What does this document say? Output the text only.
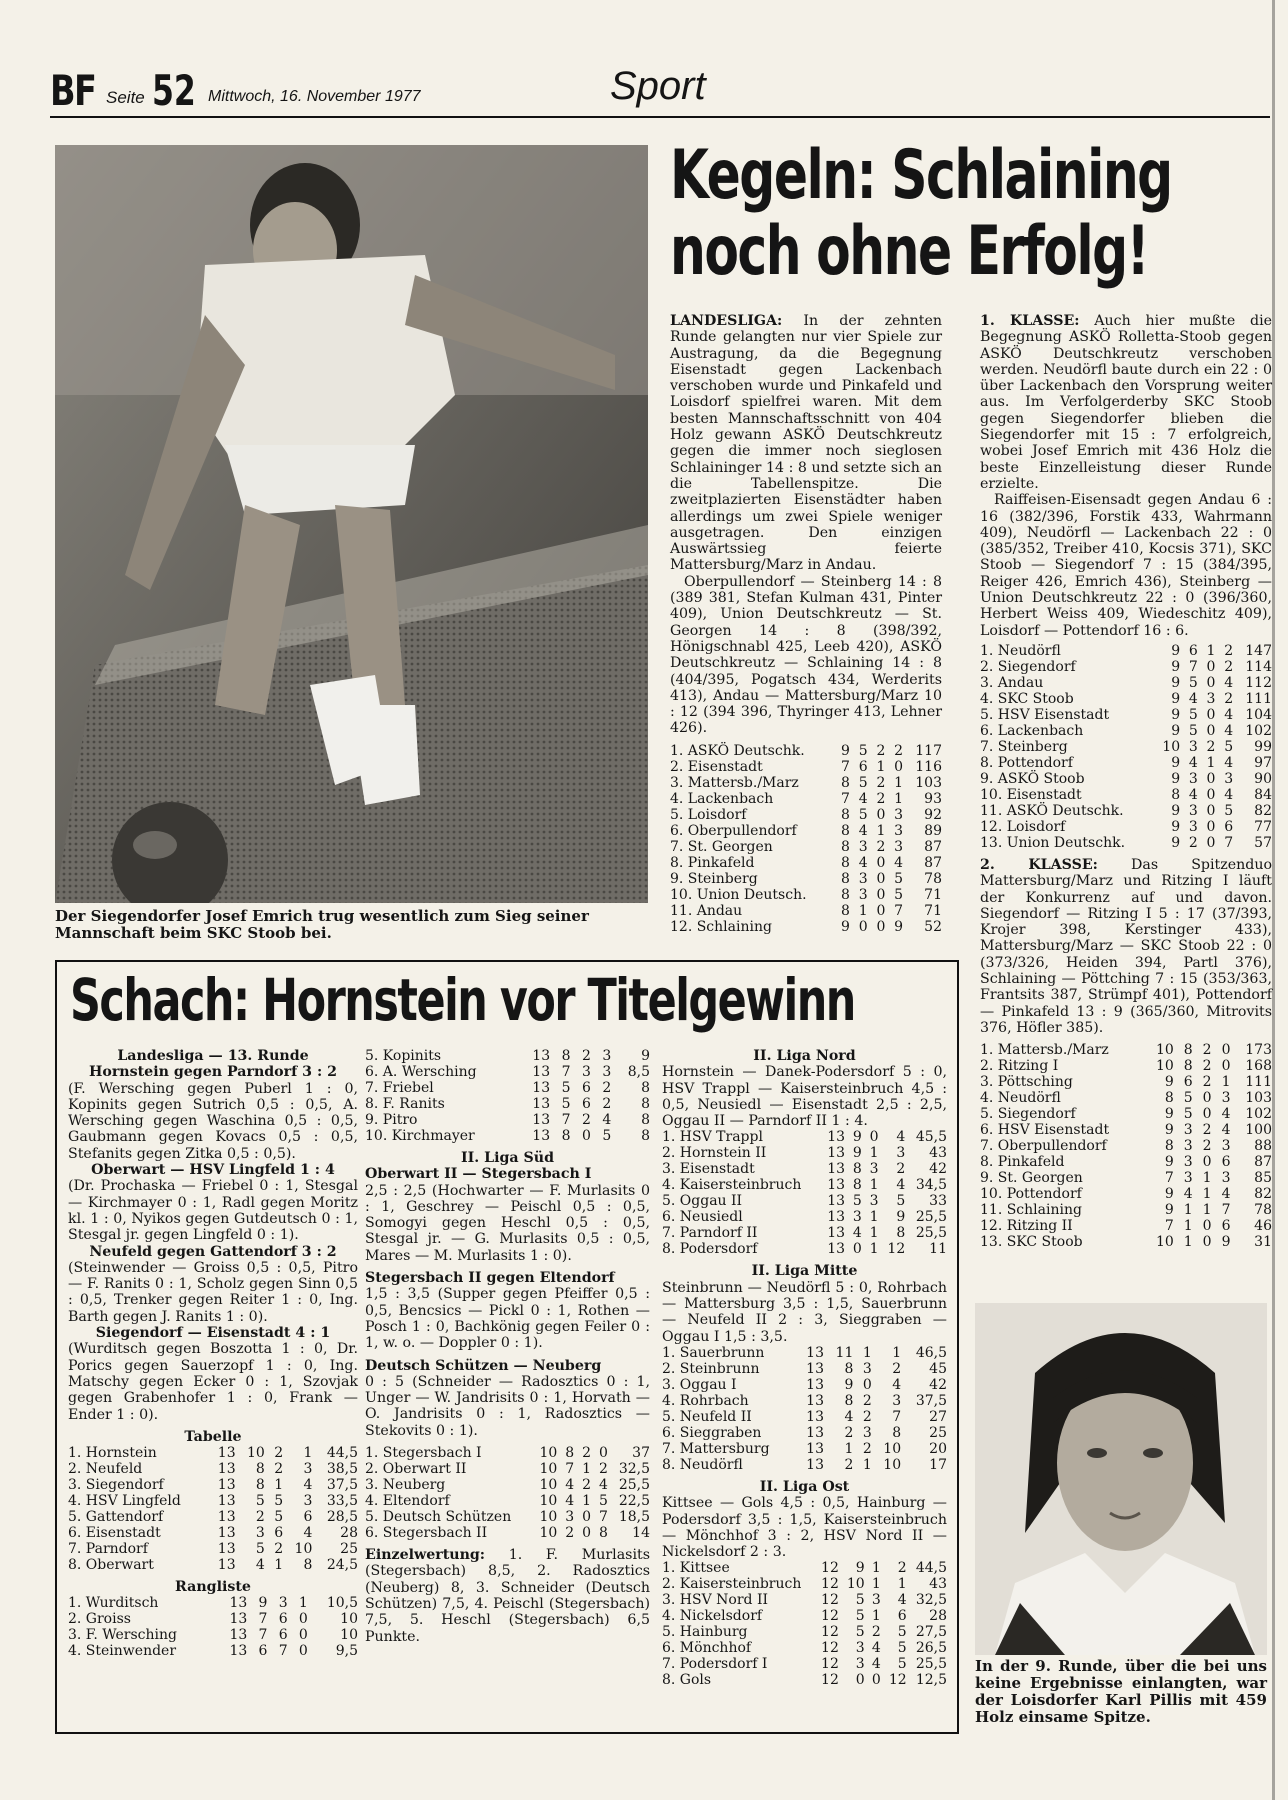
BF Seite 52 Mittwoch, 16. November 1977	Sport
Der Siegendorfer Josef Emrich trug wesentlich zum Sieg seiner Mannschaft beim SKC Stoob bei.
Kegeln: Schlaining
noch ohne Erfolg!

LANDESLIGA: In der zehnten Runde gelangten nur vier Spiele zur Austragung, da die Begegnung Eisenstadt gegen Lackenbach verschoben wurde und Pinkafeld und Loisdorf spielfrei waren. Mit dem besten Mannschaftsschnitt von 404 Holz gewann ASKÖ Deutschkreutz gegen die immer noch sieglosen Schlaininger 14 : 8 und setzte sich an die Tabellenspitze. Die zweitplazierten Eisenstädter haben allerdings um zwei Spiele weniger ausgetragen. Den einzigen Auswärtssieg feierte Mattersburg/Marz in Andau.

Oberpullendorf — Steinberg 14 : 8 (389 381, Stefan Kulman 431, Pinter 409), Union Deutschkreutz — St. Georgen 14 : 8 (398/392, Hönigschnabl 425, Leeb 420), ASKÖ Deutschkreutz — Schlaining 14 : 8 (404/395, Pogatsch 434, Werderits 413), Andau — Mattersburg/Marz 10 : 12 (394 396, Thyringer 413, Lehner 426).

1. ASKÖ Deutschk.	9	5	2	2	117
2. Eisenstadt	7	6	1	0	116
3. Mattersb./Marz	8	5	2	1	103
4. Lackenbach	7	4	2	1	93
5. Loisdorf	8	5	0	3	92
6. Oberpullendorf	8	4	1	3	89
7. St. Georgen	8	3	2	3	87
8. Pinkafeld	8	4	0	4	87
9. Steinberg	8	3	0	5	78
10. Union Deutsch.	8	3	0	5	71
11. Andau	8	1	0	7	71
12. Schlaining	9	0	0	9	52

1. KLASSE: Auch hier mußte die Begegnung ASKÖ Rolletta-Stoob gegen ASKÖ Deutschkreutz verschoben werden. Neudörfl baute durch ein 22 : 0 über Lackenbach den Vorsprung weiter aus. Im Verfolgerderby SKC Stoob gegen Siegendorfer blieben die Siegendorfer mit 15 : 7 erfolgreich, wobei Josef Emrich mit 436 Holz die beste Einzelleistung dieser Runde erzielte.

Raiffeisen-Eisensadt gegen Andau 6 : 16 (382/396, Forstik 433, Wahrmann 409), Neudörfl — Lackenbach 22 : 0 (385/352, Treiber 410, Kocsis 371), SKC Stoob — Siegendorf 7 : 15 (384/395, Reiger 426, Emrich 436), Steinberg — Union Deutschkreutz 22 : 0 (396/360, Herbert Weiss 409, Wiedeschitz 409), Loisdorf — Pottendorf 16 : 6.

1. Neudörfl	9	6	1	2	147
2. Siegendorf	9	7	0	2	114
3. Andau	9	5	0	4	112
4. SKC Stoob	9	4	3	2	111
5. HSV Eisenstadt	9	5	0	4	104
6. Lackenbach	9	5	0	4	102
7. Steinberg	10	3	2	5	99
8. Pottendorf	9	4	1	4	97
9. ASKÖ Stoob	9	3	0	3	90
10. Eisenstadt	8	4	0	4	84
11. ASKÖ Deutschk.	9	3	0	5	82
12. Loisdorf	9	3	0	6	77
13. Union Deutschk.	9	2	0	7	57

2. KLASSE: Das Spitzenduo Mattersburg/Marz und Ritzing I läuft der Konkurrenz auf und davon. Siegendorf — Ritzing I 5 : 17 (37/393, Krojer 398, Kerstinger 433), Mattersburg/Marz — SKC Stoob 22 : 0 (373/326, Heiden 394, Partl 376), Schlaining — Pöttching 7 : 15 (353/363, Frantsits 387, Strümpf 401), Pottendorf — Pinkafeld 13 : 9 (365/360, Mitrovits 376, Höfler 385).

1. Mattersb./Marz	10	8	2	0	173
2. Ritzing I	10	8	2	0	168
3. Pöttsching	9	6	2	1	111
4. Neudörfl	8	5	0	3	103
5. Siegendorf	9	5	0	4	102
6. HSV Eisenstadt	9	3	2	4	100
7. Oberpullendorf	8	3	2	3	88
8. Pinkafeld	9	3	0	6	87
9. St. Georgen	7	3	1	3	85
10. Pottendorf	9	4	1	4	82
11. Schlaining	9	1	1	7	78
12. Ritzing II	7	1	0	6	46
13. SKC Stoob	10	1	0	9	31
In der 9. Runde, über die bei uns keine Ergebnisse einlangten, war der Loisdorfer Karl Pillis mit 459 Holz einsame Spitze.
Schach: Hornstein vor Titelgewinn

Landesliga — 13. Runde

Hornstein gegen Parndorf 3 : 2

(F. Wersching gegen Puberl 1 : 0, Kopinits gegen Sutrich 0,5 : 0,5, A. Wersching gegen Waschina 0,5 : 0,5, Gaubmann gegen Kovacs 0,5 : 0,5, Stefanits gegen Zitka 0,5 : 0,5).

Oberwart — HSV Lingfeld 1 : 4

(Dr. Prochaska — Friebel 0 : 1, Stesgal — Kirchmayer 0 : 1, Radl gegen Moritz kl. 1 : 0, Nyikos gegen Gutdeutsch 0 : 1, Stesgal jr. gegen Lingfeld 0 : 1).

Neufeld gegen Gattendorf 3 : 2

(Steinwender — Groiss 0,5 : 0,5, Pitro — F. Ranits 0 : 1, Scholz gegen Sinn 0,5 : 0,5, Trenker gegen Reiter 1 : 0, Ing. Barth gegen J. Ranits 1 : 0).

Siegendorf — Eisenstadt 4 : 1

(Wurditsch gegen Boszotta 1 : 0, Dr. Porics gegen Sauerzopf 1 : 0, Ing. Matschy gegen Ecker 0 : 1, Szovjak gegen Grabenhofer 1 : 0, Frank — Ender 1 : 0).

Tabelle

1. Hornstein	13	10	2	1	44,5
2. Neufeld	13	8	2	3	38,5
3. Siegendorf	13	8	1	4	37,5
4. HSV Lingfeld	13	5	5	3	33,5
5. Gattendorf	13	2	5	6	28,5
6. Eisenstadt	13	3	6	4	28
7. Parndorf	13	5	2	10	25
8. Oberwart	13	4	1	8	24,5

Rangliste

1. Wurditsch	13	9	3	1	10,5
2. Groiss	13	7	6	0	10
3. F. Wersching	13	7	6	0	10
4. Steinwender	13	6	7	0	9,5
5. Kopinits	13	8	2	3	9
6. A. Wersching	13	7	3	3	8,5
7. Friebel	13	5	6	2	8
8. F. Ranits	13	5	6	2	8
9. Pitro	13	7	2	4	8
10. Kirchmayer	13	8	0	5	8

II. Liga Süd

Oberwart II — Stegersbach I

2,5 : 2,5 (Hochwarter — F. Murlasits 0 : 1, Geschrey — Peischl 0,5 : 0,5, Somogyi gegen Heschl 0,5 : 0,5, Stesgal jr. — G. Murlasits 0,5 : 0,5, Mares — M. Murlasits 1 : 0).

Stegersbach II gegen Eltendorf

1,5 : 3,5 (Supper gegen Pfeiffer 0,5 : 0,5, Bencsics — Pickl 0 : 1, Rothen — Posch 1 : 0, Bachkönig gegen Feiler 0 : 1, w. o. — Doppler 0 : 1).

Deutsch Schützen — Neuberg

0 : 5 (Schneider — Radosztics 0 : 1, Unger — W. Jandrisits 0 : 1, Horvath — O. Jandrisits 0 : 1, Radosztics — Stekovits 0 : 1).

1. Stegersbach I	10	8	2	0	37
2. Oberwart II	10	7	1	2	32,5
3. Neuberg	10	4	2	4	25,5
4. Eltendorf	10	4	1	5	22,5
5. Deutsch Schützen	10	3	0	7	18,5
6. Stegersbach II	10	2	0	8	14

Einzelwertung: 1. F. Murlasits (Stegersbach) 8,5, 2. Radosztics (Neuberg) 8, 3. Schneider (Deutsch Schützen) 7,5, 4. Peischl (Stegersbach) 7,5, 5. Heschl (Stegersbach) 6,5 Punkte.

II. Liga Nord

Hornstein — Danek-Podersdorf 5 : 0, HSV Trappl — Kaisersteinbruch 4,5 : 0,5, Neusiedl — Eisenstadt 2,5 : 2,5, Oggau II — Parndorf II 1 : 4.

1. HSV Trappl	13	9	0	4	45,5
2. Hornstein II	13	9	1	3	43
3. Eisenstadt	13	8	3	2	42
4. Kaisersteinbruch	13	8	1	4	34,5
5. Oggau II	13	5	3	5	33
6. Neusiedl	13	3	1	9	25,5
7. Parndorf II	13	4	1	8	25,5
8. Podersdorf	13	0	1	12	11

II. Liga Mitte

Steinbrunn — Neudörfl 5 : 0, Rohrbach — Mattersburg 3,5 : 1,5, Sauerbrunn — Neufeld II 2 : 3, Sieggraben — Oggau I 1,5 : 3,5.

1. Sauerbrunn	13	11	1	1	46,5
2. Steinbrunn	13	8	3	2	45
3. Oggau I	13	9	0	4	42
4. Rohrbach	13	8	2	3	37,5
5. Neufeld II	13	4	2	7	27
6. Sieggraben	13	2	3	8	25
7. Mattersburg	13	1	2	10	20
8. Neudörfl	13	2	1	10	17

II. Liga Ost

Kittsee — Gols 4,5 : 0,5, Hainburg — Podersdorf 3,5 : 1,5, Kaisersteinbruch — Mönchhof 3 : 2, HSV Nord II — Nickelsdorf 2 : 3.

1. Kittsee	12	9	1	2	44,5
2. Kaisersteinbruch	12	10	1	1	43
3. HSV Nord II	12	5	3	4	32,5
4. Nickelsdorf	12	5	1	6	28
5. Hainburg	12	5	2	5	27,5
6. Mönchhof	12	3	4	5	26,5
7. Podersdorf I	12	3	4	5	25,5
8. Gols	12	0	0	12	12,5
